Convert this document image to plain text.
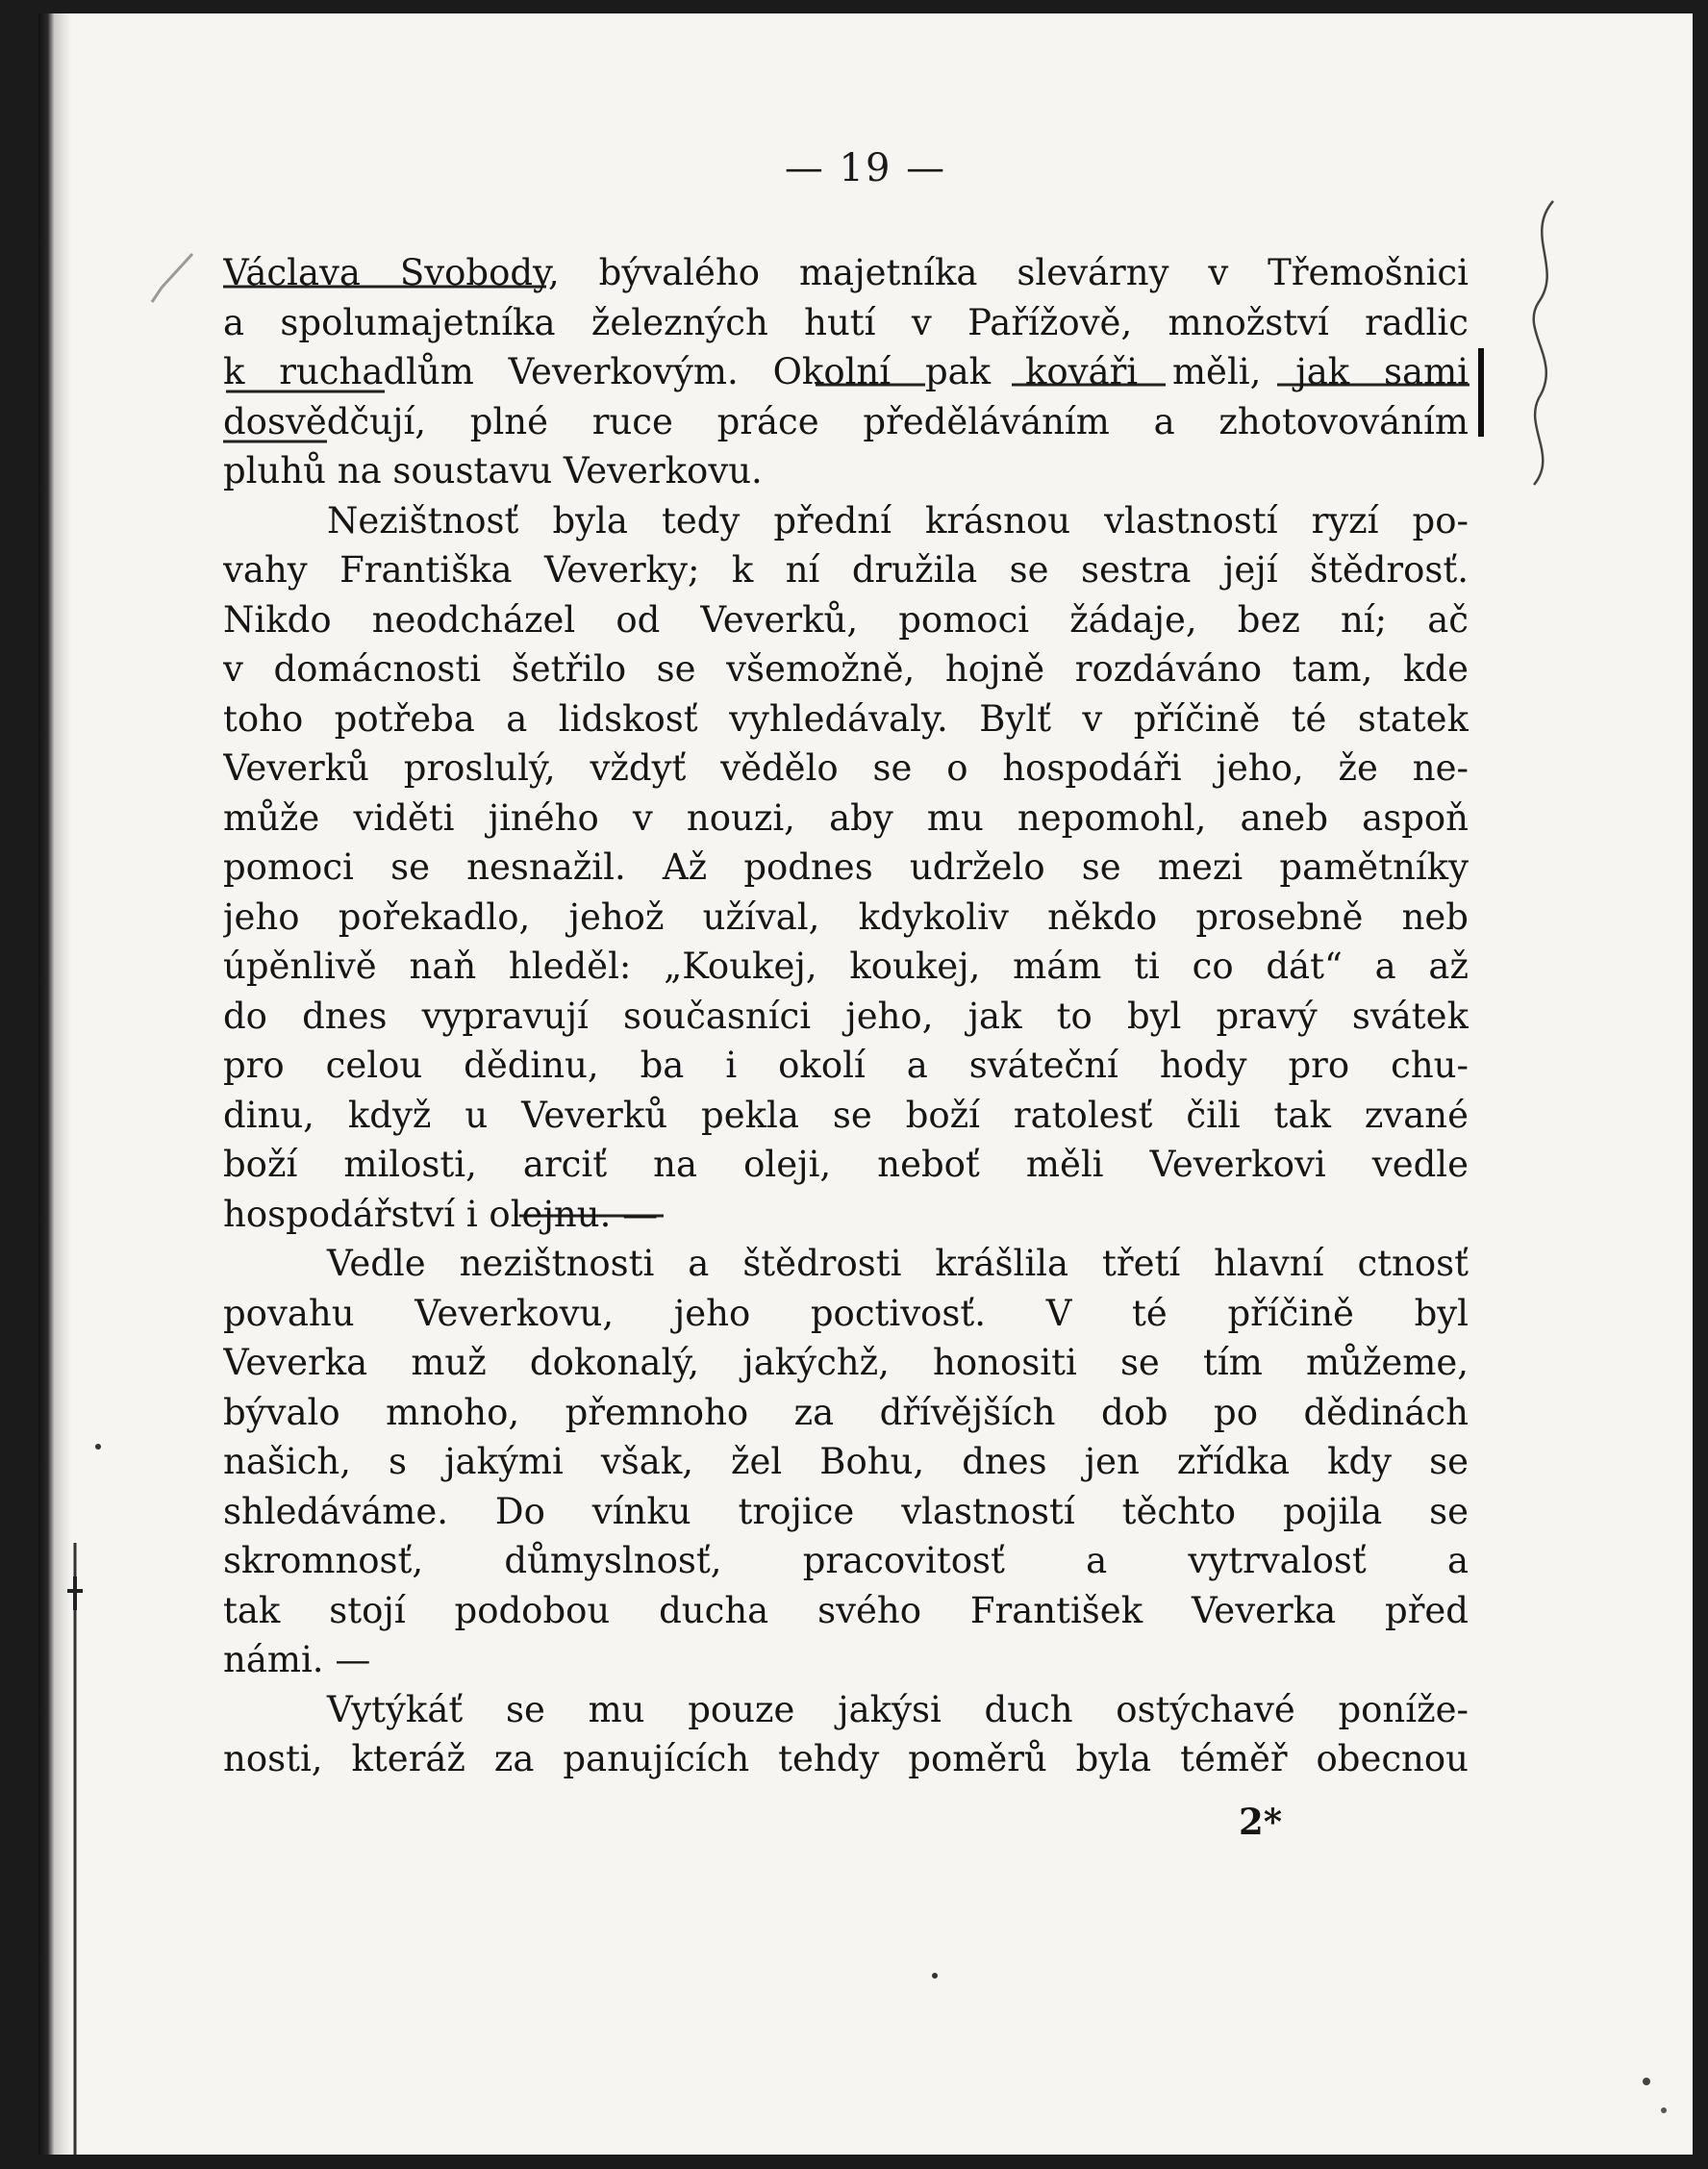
— 19 —
Václava Svobody, bývalého majetníka slevárny v Třemošnici
a spolumajetníka železných hutí v Pařížově, množství radlic
k ruchadlům Veverkovým. Okolní pak kováři měli, jak sami
dosvědčují, plné ruce práce předěláváním a zhotovováním
pluhů na soustavu Veverkovu.
Nezištnosť byla tedy přední krásnou vlastností ryzí po-
vahy Františka Veverky; k ní družila se sestra její štědrosť.
Nikdo neodcházel od Veverků, pomoci žádaje, bez ní; ač
v domácnosti šetřilo se všemožně, hojně rozdáváno tam, kde
toho potřeba a lidskosť vyhledávaly. Bylť v příčině té statek
Veverků proslulý, vždyť vědělo se o hospodáři jeho, že ne-
může viděti jiného v nouzi, aby mu nepomohl, aneb aspoň
pomoci se nesnažil. Až podnes udrželo se mezi pamětníky
jeho pořekadlo, jehož užíval, kdykoliv někdo prosebně neb
úpěnlivě naň hleděl: „Koukej, koukej, mám ti co dát“ a až
do dnes vypravují současníci jeho, jak to byl pravý svátek
pro celou dědinu, ba i okolí a sváteční hody pro chu-
dinu, když u Veverků pekla se boží ratolesť čili tak zvané
boží milosti, arciť na oleji, neboť měli Veverkovi vedle
hospodářství i olejnu. —
Vedle nezištnosti a štědrosti krášlila třetí hlavní ctnosť
povahu Veverkovu, jeho poctivosť. V té příčině byl
Veverka muž dokonalý, jakýchž, honositi se tím můžeme,
bývalo mnoho, přemnoho za dřívějších dob po dědinách
našich, s jakými však, žel Bohu, dnes jen zřídka kdy se
shledáváme. Do vínku trojice vlastností těchto pojila se
skromnosť, důmyslnosť, pracovitosť a vytrvalosť a
tak stojí podobou ducha svého František Veverka před
námi. —
Vytýkáť se mu pouze jakýsi duch ostýchavé poníže-
nosti, kteráž za panujících tehdy poměrů byla téměř obecnou
2*
